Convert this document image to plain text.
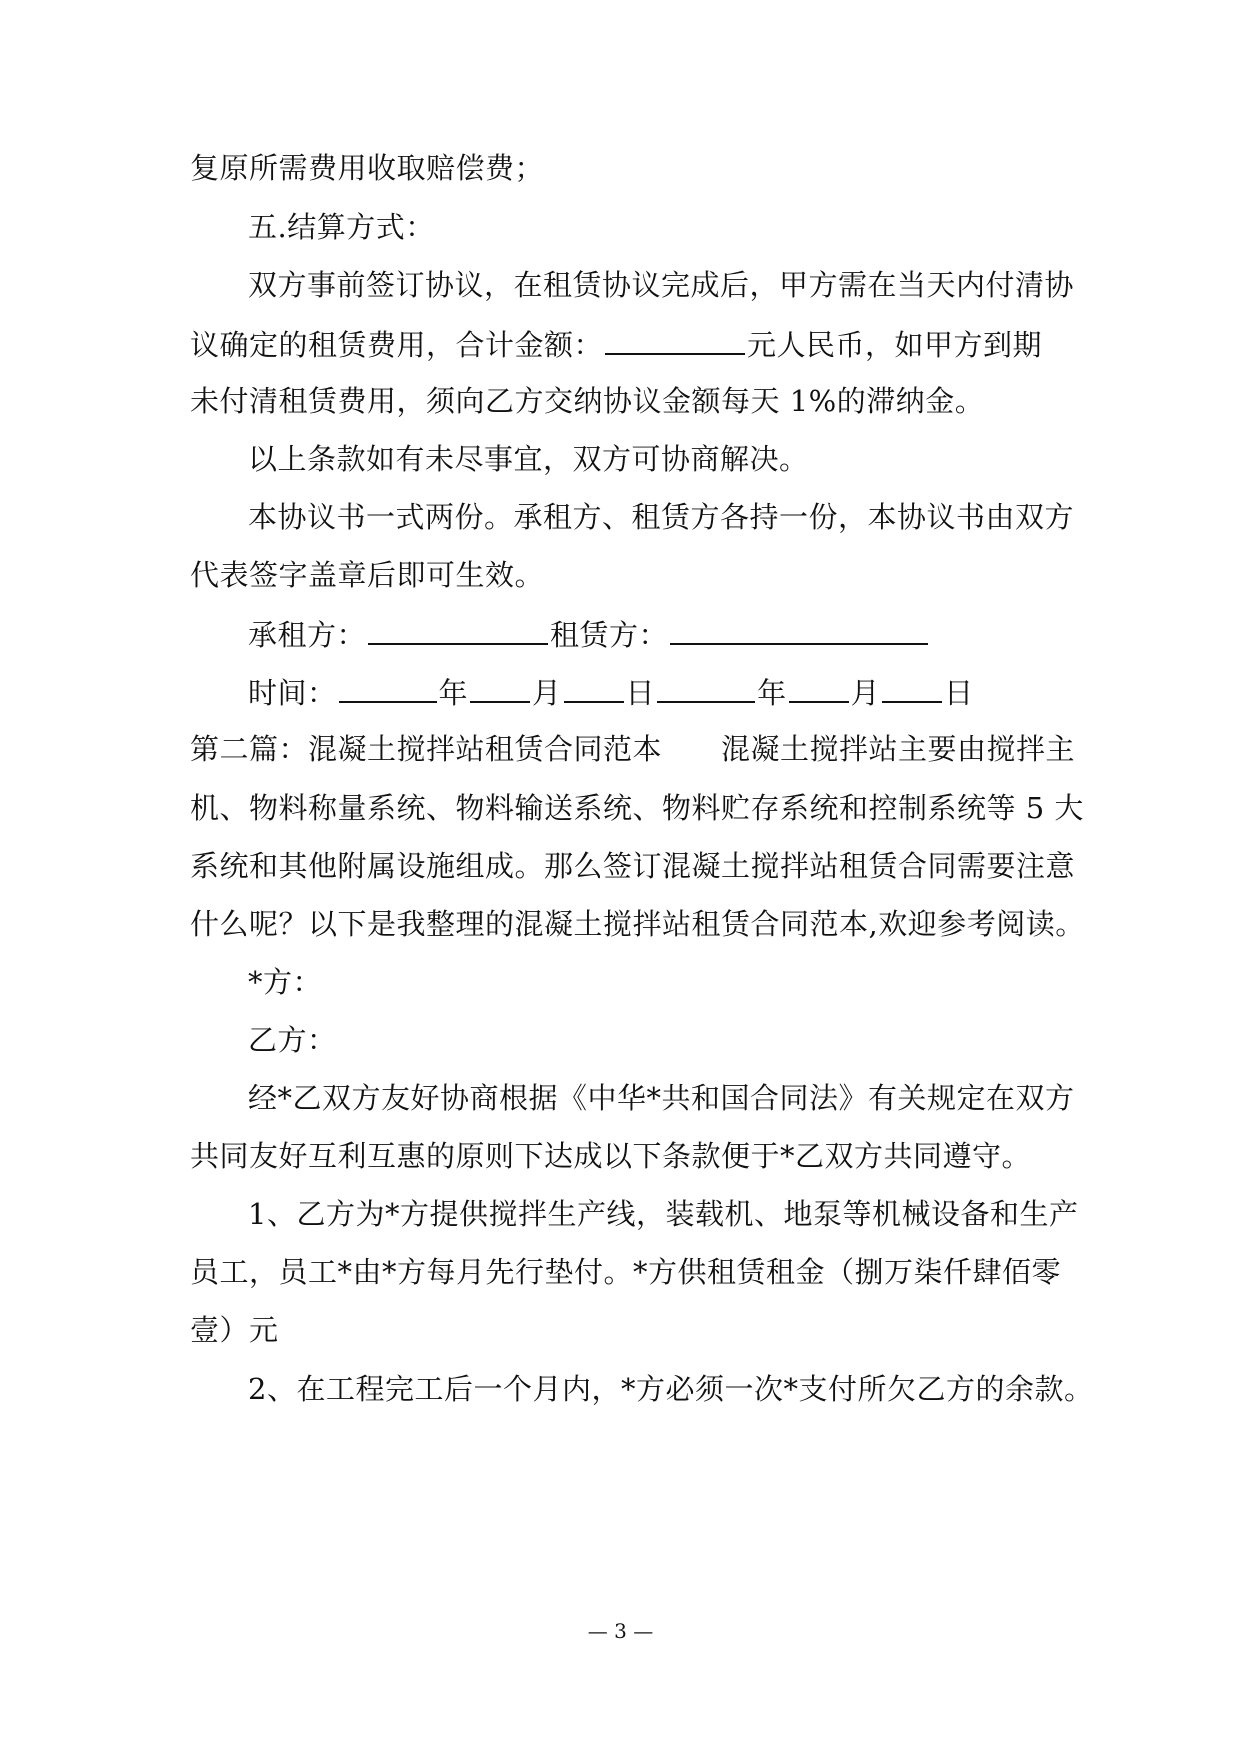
复原所需费用收取赔偿费；
五.结算方式：
双方事前签订协议，在租赁协议完成后，甲方需在当天内付清协
议确定的租赁费用，合计金额：	元人民币，如甲方到期
未付清租赁费用，须向乙方交纳协议金额每天 1%的滞纳金。
以上条款如有未尽事宜，双方可协商解决。
本协议书一式两份。承租方、租赁方各持一份，本协议书由双方
代表签字盖章后即可生效。
承租方：	租赁方：
时间：	年 月 日	年 月 日
第二篇：混凝土搅拌站租赁合同范本　　混凝土搅拌站主要由搅拌主
机、物料称量系统、物料输送系统、物料贮存系统和控制系统等 5 大
系统和其他附属设施组成。那么签订混凝土搅拌站租赁合同需要注意
什么呢？以下是我整理的混凝土搅拌站租赁合同范本,欢迎参考阅读。
*方：
乙方：
经*乙双方友好协商根据《中华*共和国合同法》有关规定在双方
共同友好互利互惠的原则下达成以下条款便于*乙双方共同遵守。
1、乙方为*方提供搅拌生产线，装载机、地泵等机械设备和生产
员工，员工*由*方每月先行垫付。*方供租赁租金（捌万柒仟肆佰零
壹）元
2、在工程完工后一个月内，*方必须一次*支付所欠乙方的余款。
— 3 —
